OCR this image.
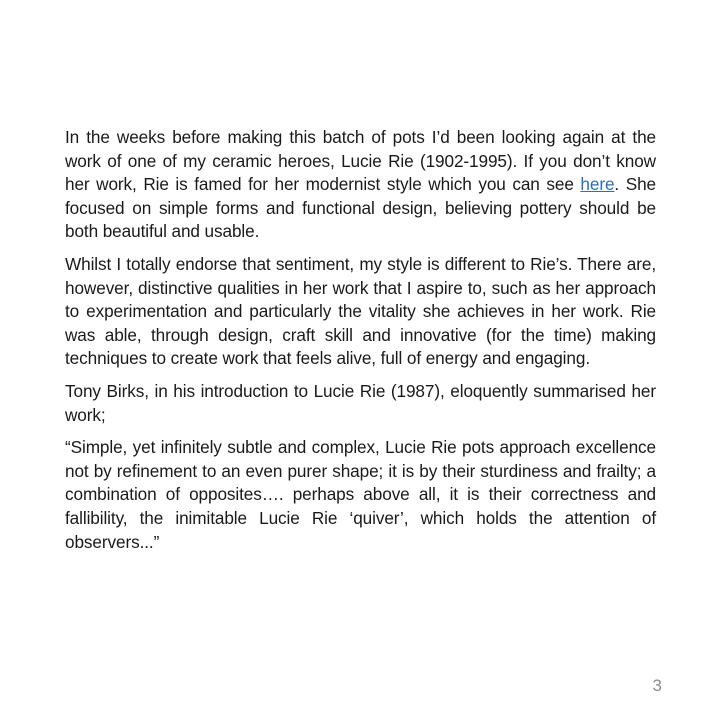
In the weeks before making this batch of pots I’d been looking again at the work of one of my ceramic heroes, Lucie Rie (1902-1995). If you don’t know her work, Rie is famed for her modernist style which you can see here. She focused on simple forms and functional design, believing pottery should be both beautiful and usable.

Whilst I totally endorse that sentiment, my style is different to Rie’s. There are, however, distinctive qualities in her work that I aspire to, such as her approach to experimentation and particularly the vitality she achieves in her work. Rie was able, through design, craft skill and innovative (for the time) making techniques to create work that feels alive, full of energy and engaging.

Tony Birks, in his introduction to Lucie Rie (1987), eloquently summarised her work;

“Simple, yet infinitely subtle and complex, Lucie Rie pots approach excellence not by refinement to an even purer shape; it is by their sturdiness and frailty; a combination of opposites…. perhaps above all, it is their correctness and fallibility, the inimitable Lucie Rie ‘quiver’, which holds the attention of observers...”

3
